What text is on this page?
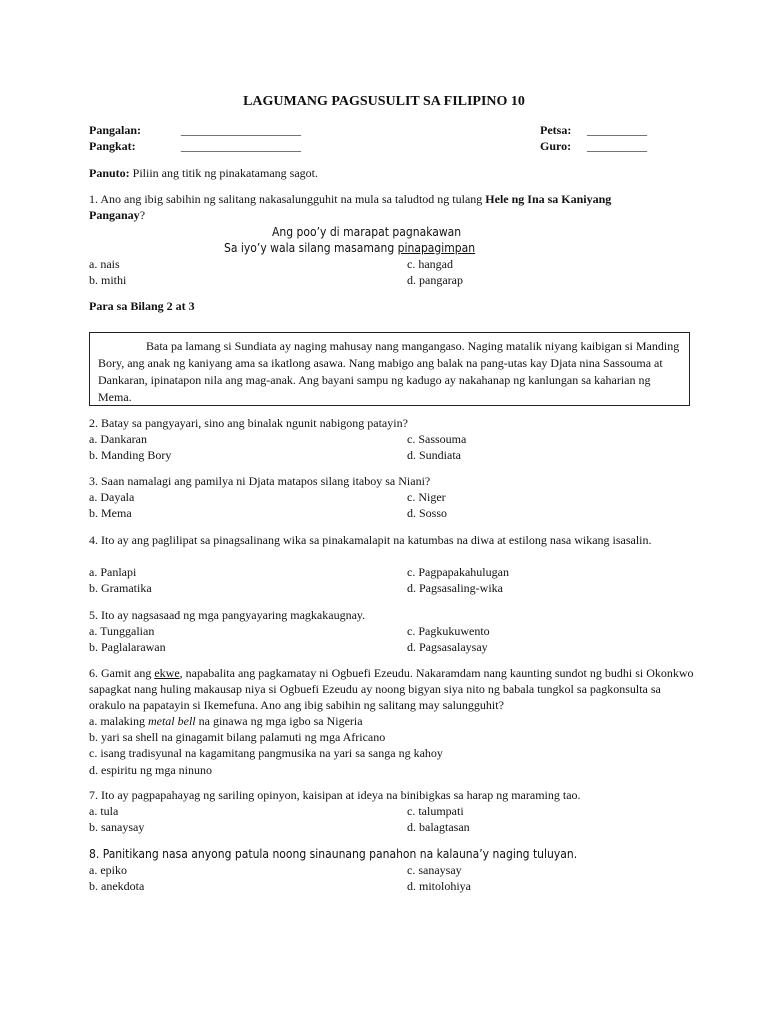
LAGUMANG PAGSUSULIT SA FILIPINO 10
Pangalan:	____________________
Pangkat:	____________________
Petsa: __________
Guro: __________
Panuto: Piliin ang titik ng pinakatamang sagot.
1. Ano ang ibig sabihin ng salitang nakasalungguhit na mula sa taludtod ng tulang Hele ng Ina sa Kaniyang
Panganay?
Ang poo’y di marapat pagnakawan
Sa iyo’y wala silang masamang pinapagimpan
a. nais
b. mithi
c. hangad
d. pangarap
Para sa Bilang 2 at 3

Bata pa lamang si Sundiata ay naging mahusay nang mangangaso. Naging matalik niyang kaibigan si Manding Bory, ang anak ng kaniyang ama sa ikatlong asawa. Nang mabigo ang balak na pang-utas kay Djata nina Sassouma at Dankaran, ipinatapon nila ang mag-anak. Ang bayani sampu ng kadugo ay nakahanap ng kanlungan sa kaharian ng Mema.

2. Batay sa pangyayari, sino ang binalak ngunit nabigong patayin?
a. Dankaran
b. Manding Bory
c. Sassouma
d. Sundiata
3. Saan namalagi ang pamilya ni Djata matapos silang itaboy sa Niani?
a. Dayala
b. Mema
c. Niger
d. Sosso
4. Ito ay ang paglilipat sa pinagsalinang wika sa pinakamalapit na katumbas na diwa at estilong nasa wikang isasalin.
a. Panlapi
b. Gramatika
c. Pagpapakahulugan
d. Pagsasaling-wika
5. Ito ay nagsasaad ng mga pangyayaring magkakaugnay.
a. Tunggalian
b. Paglalarawan
c. Pagkukuwento
d. Pagsasalaysay
6. Gamit ang ekwe, napabalita ang pagkamatay ni Ogbuefi Ezeudu. Nakaramdam nang kaunting sundot ng budhi si Okonkwo sapagkat nang huling makausap niya si Ogbuefi Ezeudu ay noong bigyan siya nito ng babala tungkol sa pagkonsulta sa orakulo na papatayin si Ikemefuna. Ano ang ibig sabihin ng salitang may salungguhit?
a. malaking metal bell na ginawa ng mga igbo sa Nigeria
b. yari sa shell na ginagamit bilang palamuti ng mga Africano
c. isang tradisyunal na kagamitang pangmusika na yari sa sanga ng kahoy
d. espiritu ng mga ninuno
7. Ito ay pagpapahayag ng sariling opinyon, kaisipan at ideya na binibigkas sa harap ng maraming tao.
a. tula
b. sanaysay
c. talumpati
d. balagtasan
8. Panitikang nasa anyong patula noong sinaunang panahon na kalauna’y naging tuluyan.
a. epiko
b. anekdota
c. sanaysay
d. mitolohiya
